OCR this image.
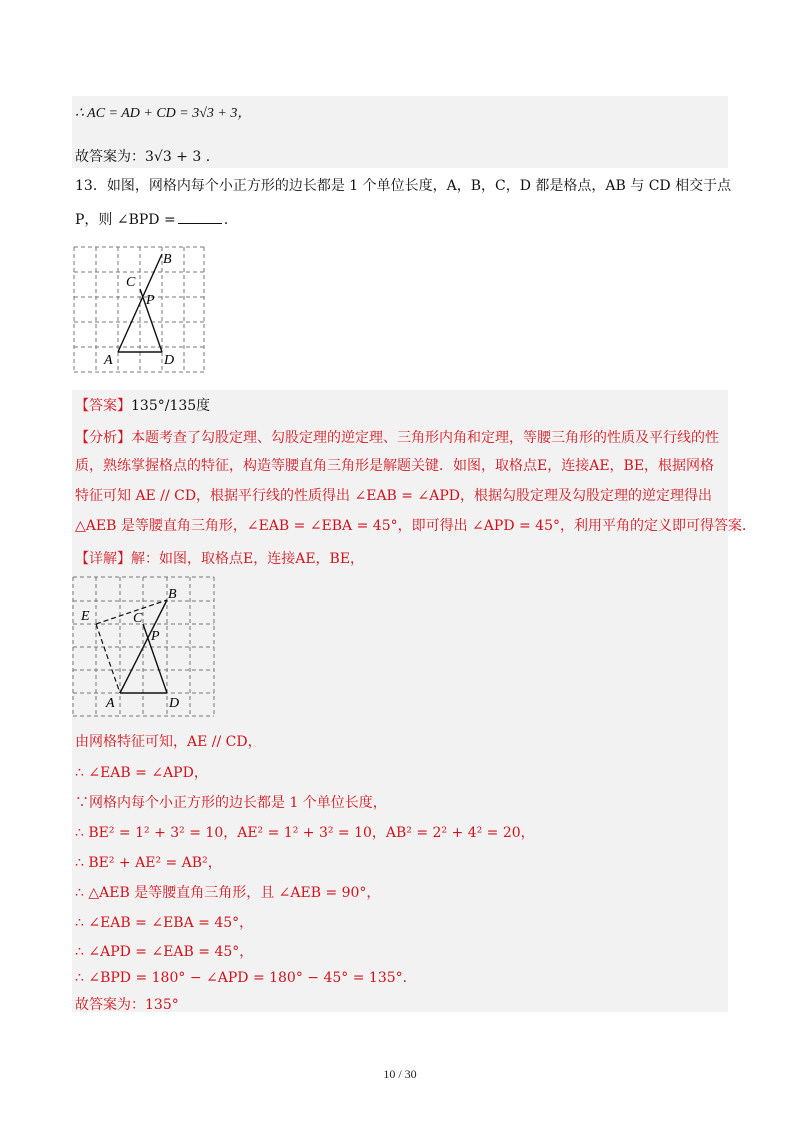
∴ AC = AD + CD = 3√3 + 3，
故答案为：3√3 + 3 .
13．如图，网格内每个小正方形的边长都是 1 个单位长度，A，B，C，D 都是格点，AB 与 CD 相交于点
P，则 ∠BPD =	.
B
C
P
A	D
【答案】135°/135度
【分析】本题考查了勾股定理、勾股定理的逆定理、三角形内角和定理，等腰三角形的性质及平行线的性
质，熟练掌握格点的特征，构造等腰直角三角形是解题关键．如图，取格点E，连接AE，BE，根据网格
特征可知 AE // CD，根据平行线的性质得出 ∠EAB = ∠APD，根据勾股定理及勾股定理的逆定理得出
△AEB 是等腰直角三角形，∠EAB = ∠EBA = 45°，即可得出 ∠APD = 45°，利用平角的定义即可得答案．
【详解】解：如图，取格点E，连接AE，BE，
B
E	C
P
A	D
由网格特征可知，AE // CD，
∴ ∠EAB = ∠APD，
∵网格内每个小正方形的边长都是 1 个单位长度，
∴ BE² = 1² + 3² = 10，AE² = 1² + 3² = 10，AB² = 2² + 4² = 20，
∴ BE² + AE² = AB²，
∴ △AEB 是等腰直角三角形，且 ∠AEB = 90°，
∴ ∠EAB = ∠EBA = 45°，
∴ ∠APD = ∠EAB = 45°，
∴ ∠BPD = 180° − ∠APD = 180° − 45° = 135°．
故答案为：135°
10 / 30
